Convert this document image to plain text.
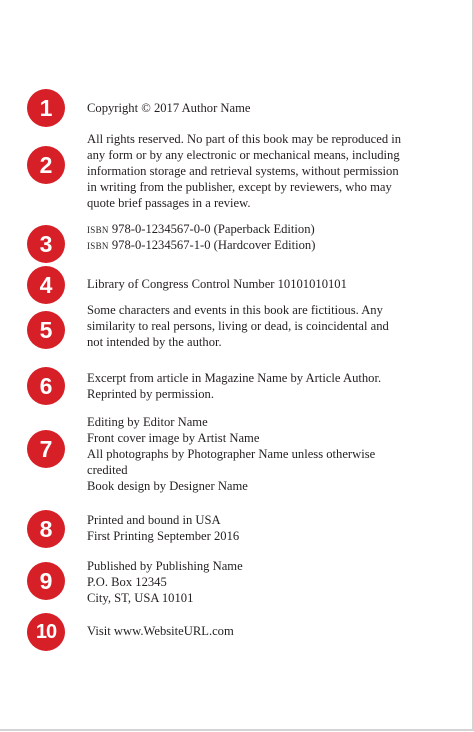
1	Copyright © 2017 Author Name
2
All rights reserved. No part of this book may be reproduced in
any form or by any electronic or mechanical means, including
information storage and retrieval systems, without permission
in writing from the publisher, except by reviewers, who may
quote brief passages in a review.
3
isbn 978-0-1234567-0-0 (Paperback Edition)
isbn 978-0-1234567-1-0 (Hardcover Edition)
4	Library of Congress Control Number 10101010101
5
Some characters and events in this book are fictitious. Any
similarity to real persons, living or dead, is coincidental and
not intended by the author.
6	Excerpt from article in Magazine Name by Article Author.
Reprinted by permission.
7
Editing by Editor Name
Front cover image by Artist Name
All photographs by Photographer Name unless otherwise
credited
Book design by Designer Name
8	Printed and bound in USA
First Printing September 2016
9
Published by Publishing Name
P.O. Box 12345
City, ST, USA 10101
10	Visit www.WebsiteURL.com
